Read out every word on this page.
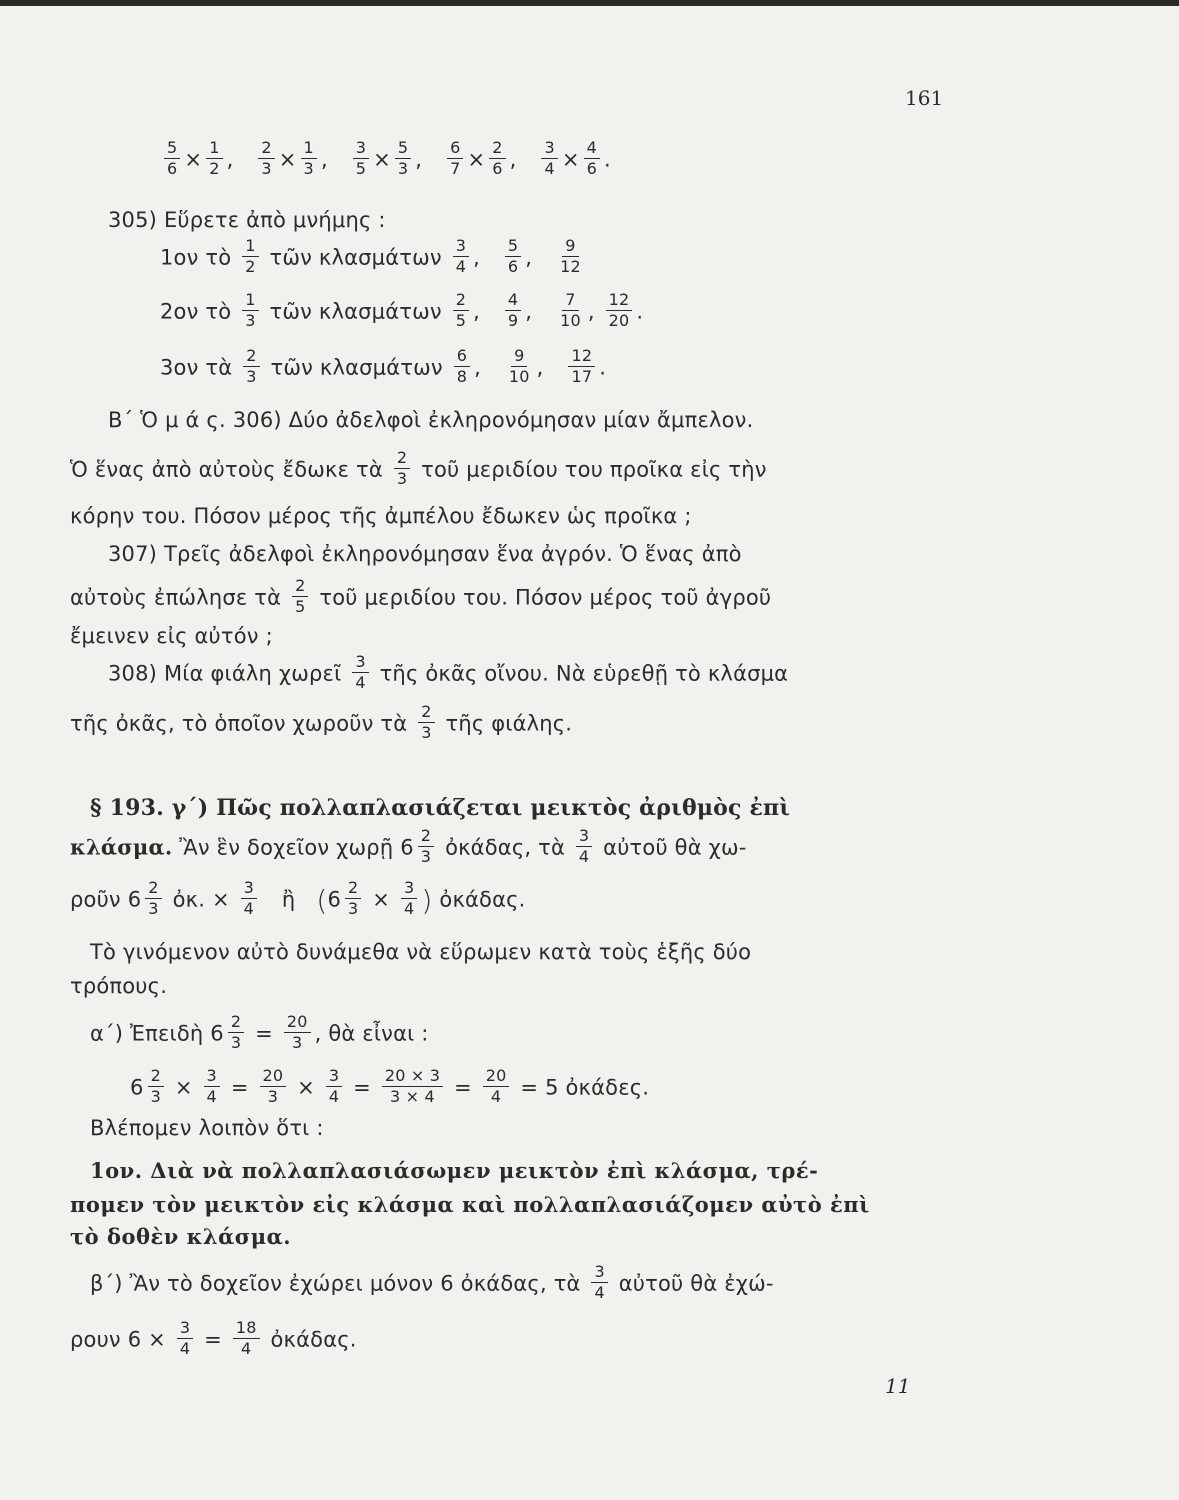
161
$\frac{5}{6} \times \frac{1}{2}$ , $\frac{2}{3} \times \frac{1}{3}$ , $\frac{3}{5} \times \frac{5}{3}$ , $\frac{6}{7} \times \frac{2}{6}$ , $\frac{3}{4} \times \frac{4}{6}$ .
305) Εὕρετε ἀπὸ μνήμης :
1ον τὸ $\frac{1}{2}$ τῶν κλασμάτων $\frac{3}{4}$ , $\frac{5}{6}$ , $\frac{9}{12}$
2ον τὸ $\frac{1}{3}$ τῶν κλασμάτων $\frac{2}{5}$ , $\frac{4}{9}$ , $\frac{7}{10}$ , $\frac{12}{20}$ .
3ον τὰ $\frac{2}{3}$ τῶν κλασμάτων $\frac{6}{8}$ , $\frac{9}{10}$ , $\frac{12}{17}$ .
Β΄ Ὁ μ ά ς. 306) Δύο ἀδελφοὶ ἐκληρονόμησαν μίαν ἄμπελον.
Ὁ ἕνας ἀπὸ αὐτοὺς ἔδωκε τὰ $\frac{2}{3}$ τοῦ μεριδίου του προῖκα εἰς τὴν
κόρην του. Πόσον μέρος τῆς ἀμπέλου ἔδωκεν ὡς προῖκα ;
307) Τρεῖς ἀδελφοὶ ἐκληρονόμησαν ἕνα ἀγρόν. Ὁ ἕνας ἀπὸ
αὐτοὺς ἐπώλησε τὰ $\frac{2}{5}$ τοῦ μεριδίου του. Πόσον μέρος τοῦ ἀγροῦ
ἔμεινεν εἰς αὐτόν ;
308) Μία φιάλη χωρεῖ $\frac{3}{4}$ τῆς ὀκᾶς οἴνου. Νὰ εὑρεθῇ τὸ κλάσμα
τῆς ὀκᾶς, τὸ ὁποῖον χωροῦν τὰ $\frac{2}{3}$ τῆς φιάλης.
§ 193. γ΄) Πῶς πολλαπλασιάζεται μεικτὸς ἀριθμὸς ἐπὶ
κλάσμα. Ἂν ἓν δοχεῖον χωρῇ $6 \frac{2}{3}$ ὀκάδας, τὰ $\frac{3}{4}$ αὐτοῦ θὰ χω-
ροῦν $6 \frac{2}{3}$ ὀκ. × $\frac{3}{4}$ ἢ ($6 \frac{2}{3} \times \frac{3}{4}$ ) ὀκάδας.
Τὸ γινόμενον αὐτὸ δυνάμεθα νὰ εὕρωμεν κατὰ τοὺς ἑξῆς δύο
τρόπους.
α΄) Ἐπειδὴ $6 \frac{2}{3} = \frac{20}{3}$ , θὰ εἶναι :
$6 \frac{2}{3} \times \frac{3}{4} = \frac{20}{3} \times \frac{3}{4} = \frac{20 \times 3}{3 \times 4} = \frac{20}{4} = 5$ ὀκάδες.
Βλέπομεν λοιπὸν ὅτι :
1ον. Διὰ νὰ πολλαπλασιάσωμεν μεικτὸν ἐπὶ κλάσμα, τρέ-
πομεν τὸν μεικτὸν εἰς κλάσμα καὶ πολλαπλασιάζομεν αὐτὸ ἐπὶ
τὸ δοθὲν κλάσμα.
β΄) Ἂν τὸ δοχεῖον ἐχώρει μόνον 6 ὀκάδας, τὰ $\frac{3}{4}$ αὐτοῦ θὰ ἐχώ-
ρουν $6 \times \frac{3}{4} = \frac{18}{4}$ ὀκάδας.
11
